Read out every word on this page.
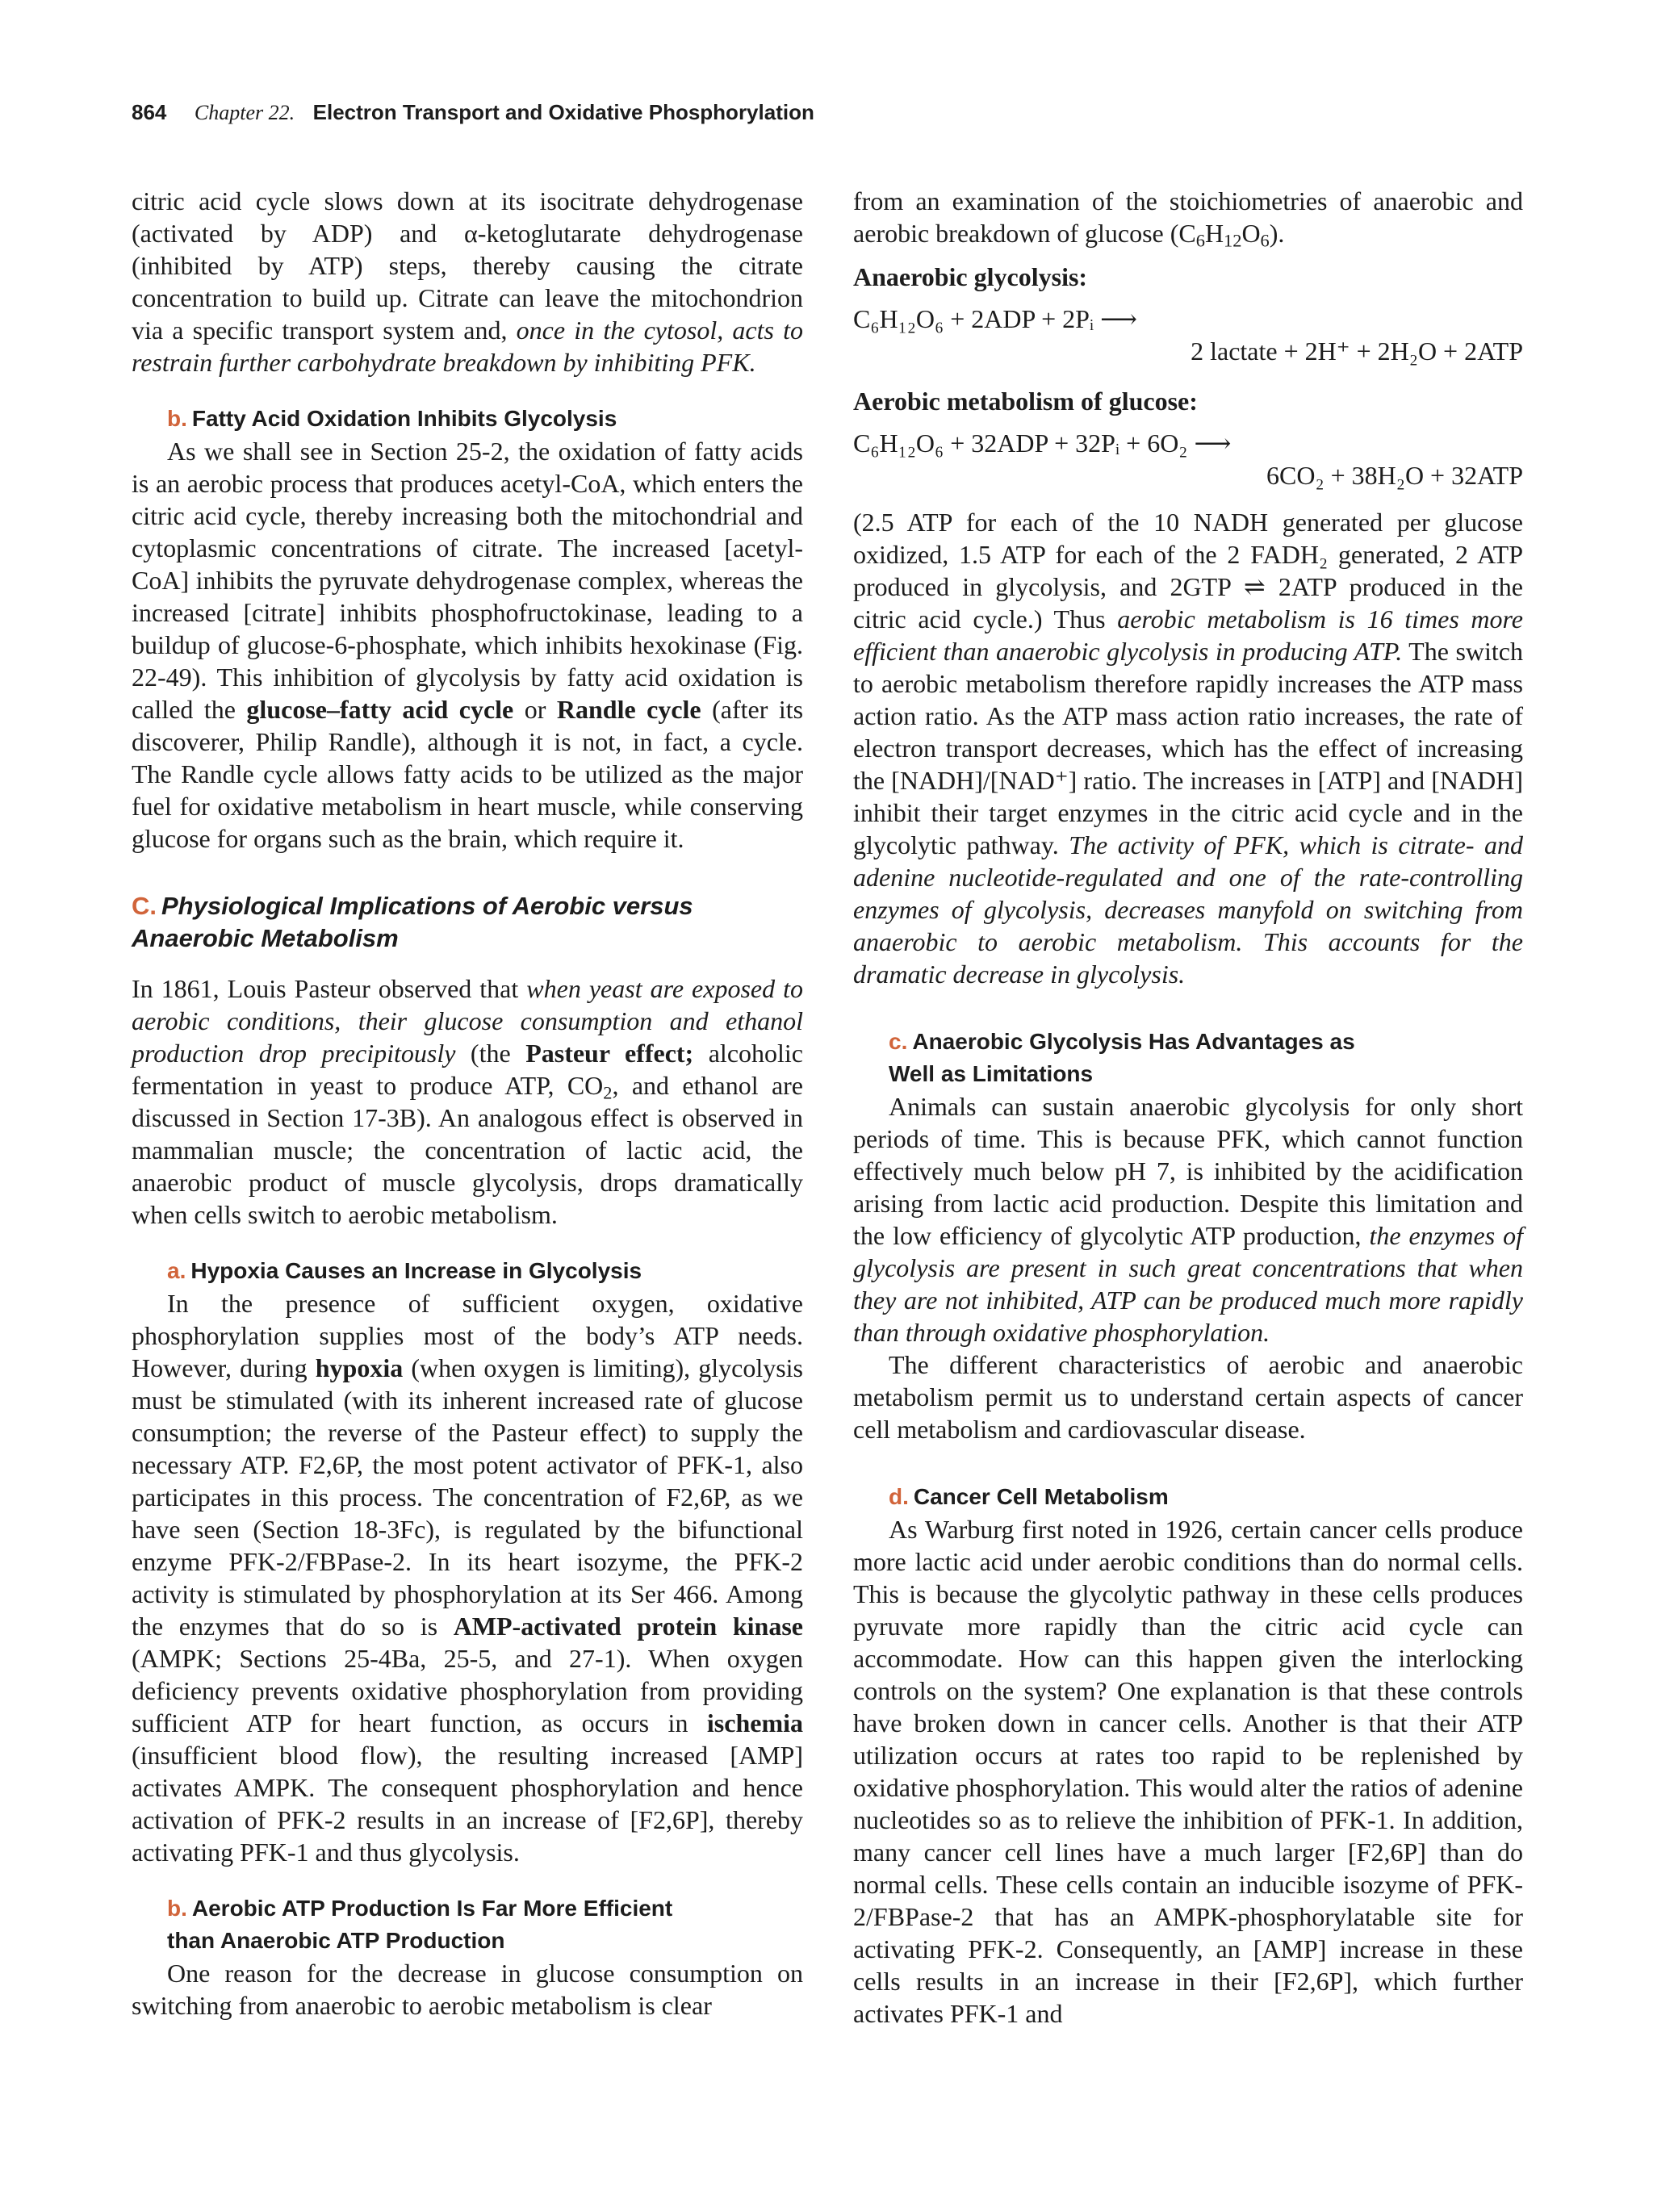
864 Chapter 22. Electron Transport and Oxidative Phosphorylation

citric acid cycle slows down at its isocitrate dehydrogenase (activated by ADP) and α-ketoglutarate dehydrogenase (inhibited by ATP) steps, thereby causing the citrate concentration to build up. Citrate can leave the mitochondrion via a specific transport system and, once in the cytosol, acts to restrain further carbohydrate breakdown by inhibiting PFK.

b. Fatty Acid Oxidation Inhibits Glycolysis

As we shall see in Section 25-2, the oxidation of fatty acids is an aerobic process that produces acetyl-CoA, which enters the citric acid cycle, thereby increasing both the mitochondrial and cytoplasmic concentrations of citrate. The increased [acetyl-CoA] inhibits the pyruvate dehydrogenase complex, whereas the increased [citrate] inhibits phosphofructokinase, leading to a buildup of glucose-6-phosphate, which inhibits hexokinase (Fig. 22-49). This inhibition of glycolysis by fatty acid oxidation is called the glucose–fatty acid cycle or Randle cycle (after its discoverer, Philip Randle), although it is not, in fact, a cycle. The Randle cycle allows fatty acids to be utilized as the major fuel for oxidative metabolism in heart muscle, while conserving glucose for organs such as the brain, which require it.

C. Physiological Implications of Aerobic versus Anaerobic Metabolism

In 1861, Louis Pasteur observed that when yeast are exposed to aerobic conditions, their glucose consumption and ethanol production drop precipitously (the Pasteur effect; alcoholic fermentation in yeast to produce ATP, $CO_2$, and ethanol are discussed in Section 17-3B). An analogous effect is observed in mammalian muscle; the concentration of lactic acid, the anaerobic product of muscle glycolysis, drops dramatically when cells switch to aerobic metabolism.

a. Hypoxia Causes an Increase in Glycolysis

In the presence of sufficient oxygen, oxidative phosphorylation supplies most of the body’s ATP needs. However, during hypoxia (when oxygen is limiting), glycolysis must be stimulated (with its inherent increased rate of glucose consumption; the reverse of the Pasteur effect) to supply the necessary ATP. F2,6P, the most potent activator of PFK-1, also participates in this process. The concentration of F2,6P, as we have seen (Section 18-3Fc), is regulated by the bifunctional enzyme PFK-2/FBPase-2. In its heart isozyme, the PFK-2 activity is stimulated by phosphorylation at its Ser 466. Among the enzymes that do so is AMP-activated protein kinase (AMPK; Sections 25-4Ba, 25-5, and 27-1). When oxygen deficiency prevents oxidative phosphorylation from providing sufficient ATP for heart function, as occurs in ischemia (insufficient blood flow), the resulting increased [AMP] activates AMPK. The consequent phosphorylation and hence activation of PFK-2 results in an increase of [F2,6P], thereby activating PFK-1 and thus glycolysis.

b. Aerobic ATP Production Is Far More Efficient
than Anaerobic ATP Production

One reason for the decrease in glucose consumption on switching from anaerobic to aerobic metabolism is clear

from an examination of the stoichiometries of anaerobic and aerobic breakdown of glucose $(C_6H_{12}O_6)$.

Anaerobic glycolysis:
C₆H₁₂O₆ + 2ADP + 2Pᵢ ⟶
2 lactate + 2H⁺ + 2H₂O + 2ATP
Aerobic metabolism of glucose:
C₆H₁₂O₆ + 32ADP + 32Pᵢ + 6O₂ ⟶
6CO₂ + 38H₂O + 32ATP

(2.5 ATP for each of the 10 NADH generated per glucose oxidized, 1.5 ATP for each of the 2 FADH₂ generated, 2 ATP produced in glycolysis, and 2GTP ⇌ 2ATP produced in the citric acid cycle.) Thus aerobic metabolism is 16 times more efficient than anaerobic glycolysis in producing ATP. The switch to aerobic metabolism therefore rapidly increases the ATP mass action ratio. As the ATP mass action ratio increases, the rate of electron transport decreases, which has the effect of increasing the [NADH]/[NAD⁺] ratio. The increases in [ATP] and [NADH] inhibit their target enzymes in the citric acid cycle and in the glycolytic pathway. The activity of PFK, which is citrate- and adenine nucleotide-regulated and one of the rate-controlling enzymes of glycolysis, decreases manyfold on switching from anaerobic to aerobic metabolism. This accounts for the dramatic decrease in glycolysis.

c. Anaerobic Glycolysis Has Advantages as
Well as Limitations

Animals can sustain anaerobic glycolysis for only short periods of time. This is because PFK, which cannot function effectively much below pH 7, is inhibited by the acidification arising from lactic acid production. Despite this limitation and the low efficiency of glycolytic ATP production, the enzymes of glycolysis are present in such great concentrations that when they are not inhibited, ATP can be produced much more rapidly than through oxidative phosphorylation.

The different characteristics of aerobic and anaerobic metabolism permit us to understand certain aspects of cancer cell metabolism and cardiovascular disease.

d. Cancer Cell Metabolism

As Warburg first noted in 1926, certain cancer cells produce more lactic acid under aerobic conditions than do normal cells. This is because the glycolytic pathway in these cells produces pyruvate more rapidly than the citric acid cycle can accommodate. How can this happen given the interlocking controls on the system? One explanation is that these controls have broken down in cancer cells. Another is that their ATP utilization occurs at rates too rapid to be replenished by oxidative phosphorylation. This would alter the ratios of adenine nucleotides so as to relieve the inhibition of PFK-1. In addition, many cancer cell lines have a much larger [F2,6P] than do normal cells. These cells contain an inducible isozyme of PFK-2/FBPase-2 that has an AMPK-phosphorylatable site for activating PFK-2. Consequently, an [AMP] increase in these cells results in an increase in their [F2,6P], which further activates PFK-1 and
